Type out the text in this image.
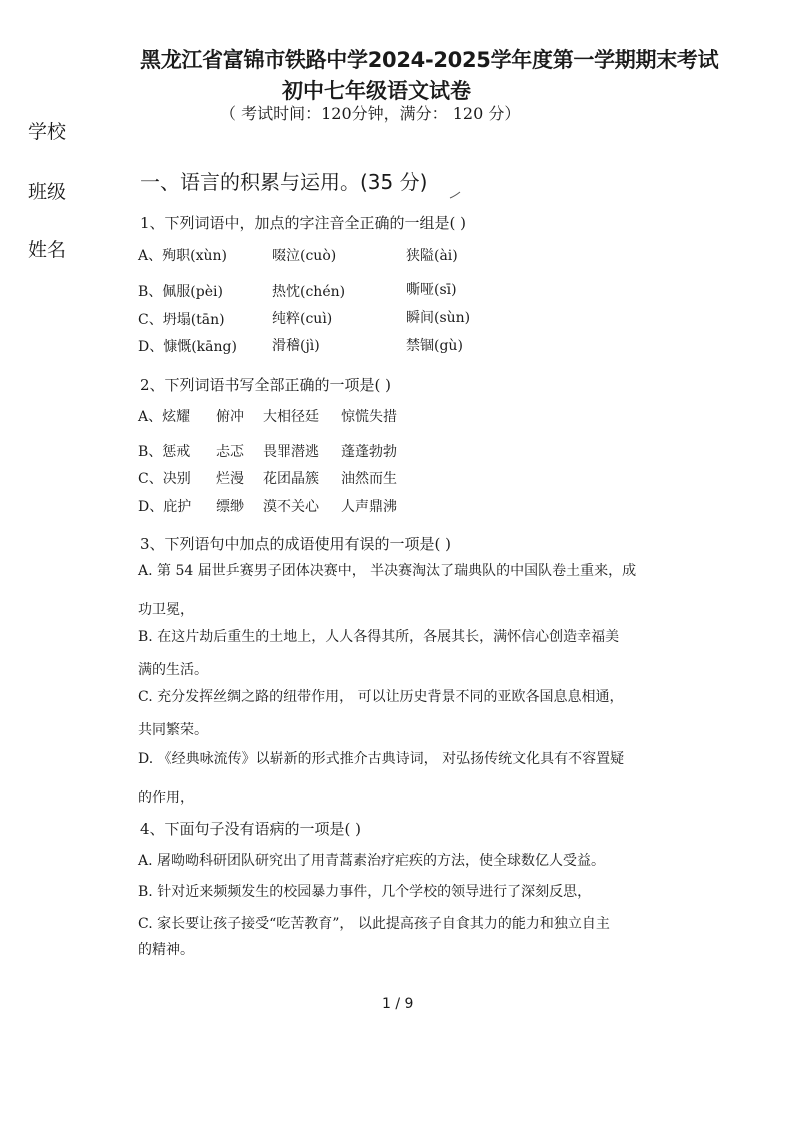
黑龙江省富锦市铁路中学2024-2025学年度第一学期期末考试
初中七年级语文试卷
（ 考试时间：120分钟，满分： 120 分）
学校
班级
姓名
一、语言的积累与运用。(35 分)
1、下列词语中，加点的字注音全正确的一组是( )
A、殉职(xùn)	啜泣(cuò)	狭隘(ài)
B、佩服(pèi)	热忱(chén)	嘶哑(sī)
C、坍塌(tān)	纯粹(cuì)	瞬间(sùn)
D、慷慨(kāng)	滑稽(jì)	禁锢(gù)
2、下列词语书写全部正确的一项是( )
A、炫耀 俯冲 大相径廷 惊慌失措
B、惩戒 忐忑 畏罪潜逃 蓬蓬勃勃
C、决别 烂漫 花团晶簇 油然而生
D、庇护 缥缈 漠不关心 人声鼎沸
3、下列语句中加点的成语使用有误的一项是( )
A. 第 54 届世乒赛男子团体决赛中， 半决赛淘汰了瑞典队的中国队卷土重来，成
功卫冕，
B. 在这片劫后重生的土地上，人人各得其所，各展其长，满怀信心创造幸福美
满的生活。
C. 充分发挥丝绸之路的纽带作用， 可以让历史背景不同的亚欧各国息息相通，
共同繁荣。
D. 《经典咏流传》以崭新的形式推介古典诗词， 对弘扬传统文化具有不容置疑
的作用，
4、下面句子没有语病的一项是( )
A. 屠呦呦科研团队研究出了用青蒿素治疗疟疾的方法，使全球数亿人受益。
B. 针对近来频频发生的校园暴力事件，几个学校的领导进行了深刻反思，
C. 家长要让孩子接受“吃苦教育”， 以此提高孩子自食其力的能力和独立自主
的精神。
1 / 9
